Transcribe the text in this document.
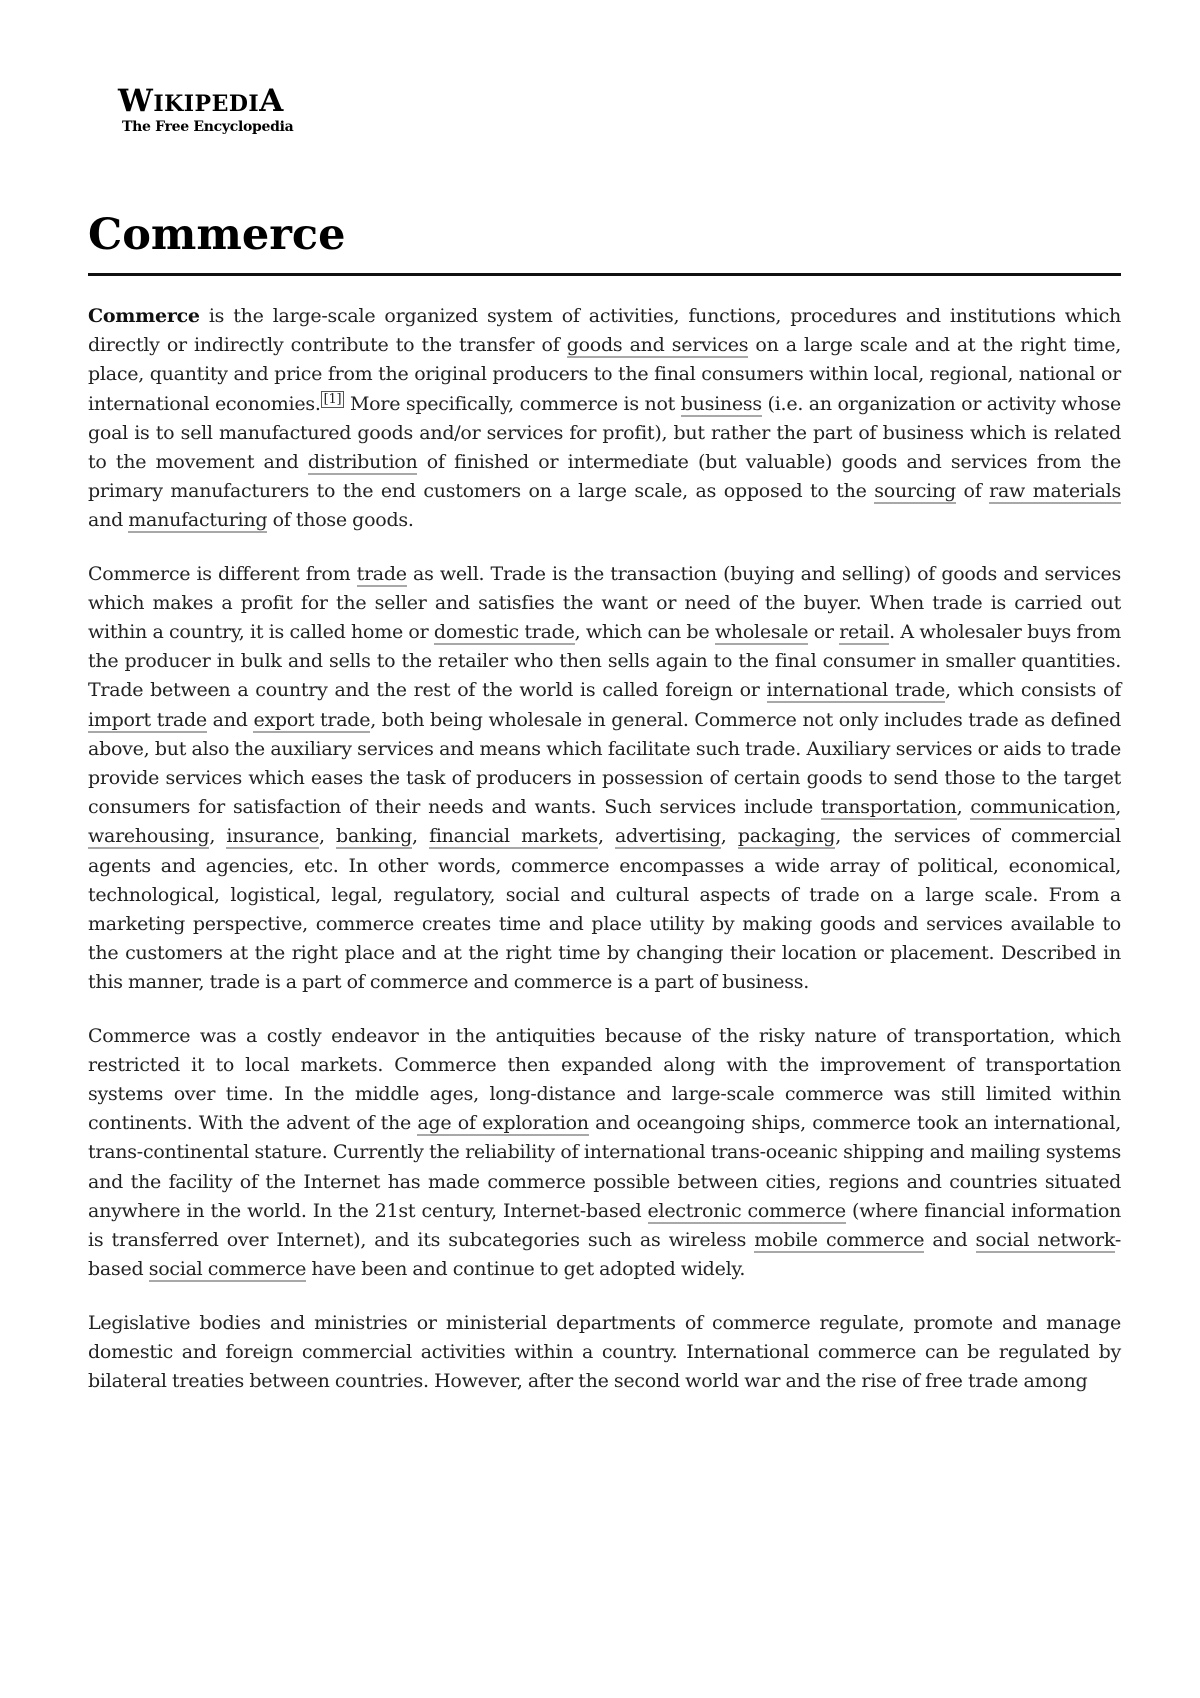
WIKIPEDIA
The Free Encyclopedia
Commerce

Commerce is the large-scale organized system of activities, functions, procedures and institutions which directly or indirectly contribute to the transfer of goods and services on a large scale and at the right time, place, quantity and price from the original producers to the final consumers within local, regional, national or international economies. [1] More specifically, commerce is not business (i.e. an organization or activity whose goal is to sell manufactured goods and/or services for profit), but rather the part of business which is related to the movement and distribution of finished or intermediate (but valuable) goods and services from the primary manufacturers to the end customers on a large scale, as opposed to the sourcing of raw materials and manufacturing of those goods.

Commerce is different from trade as well. Trade is the transaction (buying and selling) of goods and services which makes a profit for the seller and satisfies the want or need of the buyer. When trade is carried out within a country, it is called home or domestic trade, which can be wholesale or retail. A wholesaler buys from the producer in bulk and sells to the retailer who then sells again to the final consumer in smaller quantities. Trade between a country and the rest of the world is called foreign or international trade, which consists of import trade and export trade, both being wholesale in general. Commerce not only includes trade as defined above, but also the auxiliary services and means which facilitate such trade. Auxiliary services or aids to trade provide services which eases the task of producers in possession of certain goods to send those to the target consumers for satisfaction of their needs and wants. Such services include transportation, communication, warehousing, insurance, banking, financial markets, advertising, packaging, the services of commercial agents and agencies, etc. In other words, commerce encompasses a wide array of political, economical, technological, logistical, legal, regulatory, social and cultural aspects of trade on a large scale. From a marketing perspective, commerce creates time and place utility by making goods and services available to the customers at the right place and at the right time by changing their location or placement. Described in this manner, trade is a part of commerce and commerce is a part of business.

Commerce was a costly endeavor in the antiquities because of the risky nature of transportation, which restricted it to local markets. Commerce then expanded along with the improvement of transportation systems over time. In the middle ages, long-distance and large-scale commerce was still limited within continents. With the advent of the age of exploration and oceangoing ships, commerce took an international, trans-continental stature. Currently the reliability of international trans-oceanic shipping and mailing systems and the facility of the Internet has made commerce possible between cities, regions and countries situated anywhere in the world. In the 21st century, Internet-based electronic commerce (where financial information is transferred over Internet), and its subcategories such as wireless mobile commerce and social network-based social commerce have been and continue to get adopted widely.

Legislative bodies and ministries or ministerial departments of commerce regulate, promote and manage domestic and foreign commercial activities within a country. International commerce can be regulated by bilateral treaties between countries. However, after the second world war and the rise of free trade among
